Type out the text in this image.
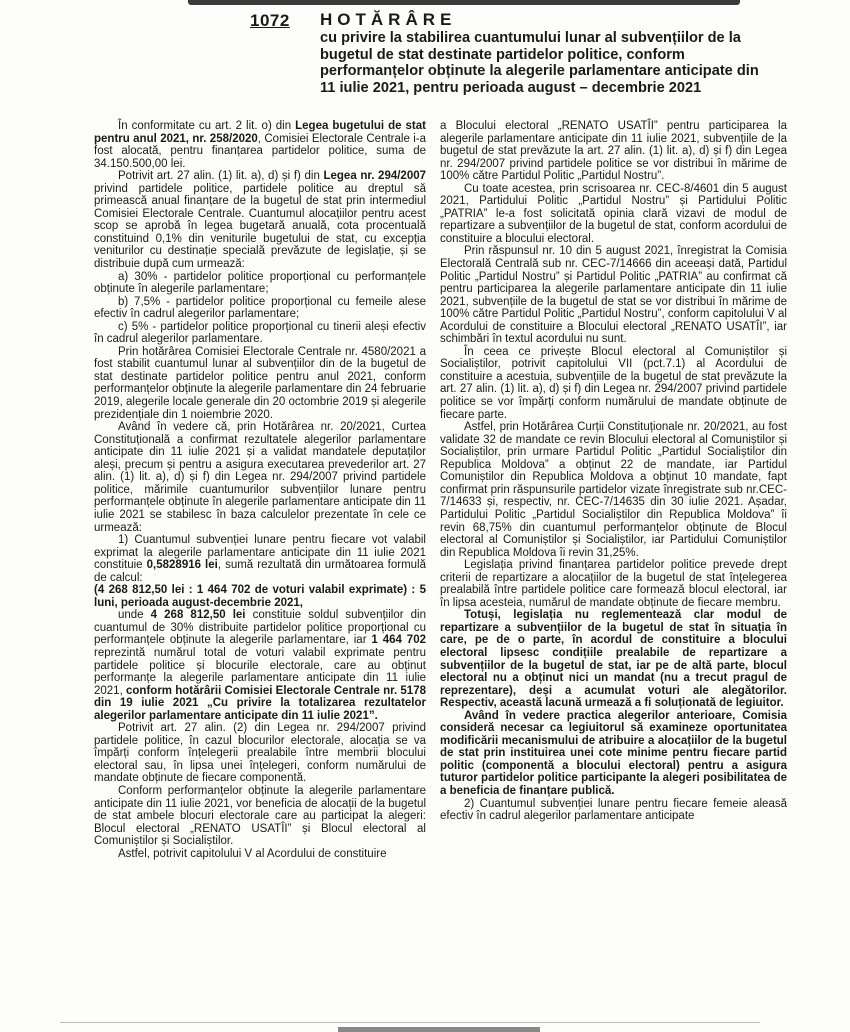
1072 HOTĂRÂRE
cu privire la stabilirea cuantumului lunar al subvențiilor de la bugetul de stat destinate partidelor politice, conform performanțelor obținute la alegerile parlamentare anticipate din 11 iulie 2021, pentru perioada august – decembrie 2021

În conformitate cu art. 2 lit. o) din Legea bugetului de stat pentru anul 2021, nr. 258/2020, Comisiei Electorale Centrale i-a fost alocată, pentru finanțarea partidelor politice, suma de 34.150.500,00 lei.

Potrivit art. 27 alin. (1) lit. a), d) și f) din Legea nr. 294/2007 privind partidele politice, partidele politice au dreptul să primească anual finanțare de la bugetul de stat prin intermediul Comisiei Electorale Centrale. Cuantumul alocațiilor pentru acest scop se aprobă în legea bugetară anuală, cota procentuală constituind 0,1% din veniturile bugetului de stat, cu excepția veniturilor cu destinație specială prevăzute de legislație, și se distribuie după cum urmează:

a) 30% - partidelor politice proporțional cu performanțele obținute în alegerile parlamentare;

b) 7,5% - partidelor politice proporțional cu femeile alese efectiv în cadrul alegerilor parlamentare;

c) 5% - partidelor politice proporțional cu tinerii aleși efectiv în cadrul alegerilor parlamentare.

Prin hotărârea Comisiei Electorale Centrale nr. 4580/2021 a fost stabilit cuantumul lunar al subvențiilor din de la bugetul de stat destinate partidelor politice pentru anul 2021, conform performanțelor obținute la alegerile parlamentare din 24 februarie 2019, alegerile locale generale din 20 octombrie 2019 și alegerile prezidențiale din 1 noiembrie 2020.

Având în vedere că, prin Hotărârea nr. 20/2021, Curtea Constituțională a confirmat rezultatele alegerilor parlamentare anticipate din 11 iulie 2021 și a validat mandatele deputaților aleși, precum și pentru a asigura executarea prevederilor art. 27 alin. (1) lit. a), d) și f) din Legea nr. 294/2007 privind partidele politice, mărimile cuantumurilor subvențiilor lunare pentru performanțele obținute în alegerile parlamentare anticipate din 11 iulie 2021 se stabilesc în baza calculelor prezentate în cele ce urmează:

1) Cuantumul subvenției lunare pentru fiecare vot valabil exprimat la alegerile parlamentare anticipate din 11 iulie 2021 constituie 0,5828916 lei, sumă rezultată din următoarea formulă de calcul:

(4 268 812,50 lei : 1 464 702 de voturi valabil exprimate) : 5 luni, perioada august-decembrie 2021,

unde 4 268 812,50 lei constituie soldul subvențiilor din cuantumul de 30% distribuite partidelor politice proporțional cu performanțele obținute la alegerile parlamentare, iar 1 464 702 reprezintă numărul total de voturi valabil exprimate pentru partidele politice și blocurile electorale, care au obținut performanțe la alegerile parlamentare anticipate din 11 iulie 2021, conform hotărârii Comisiei Electorale Centrale nr. 5178 din 19 iulie 2021 „Cu privire la totalizarea rezultatelor alegerilor parlamentare anticipate din 11 iulie 2021”.

Potrivit art. 27 alin. (2) din Legea nr. 294/2007 privind partidele politice, în cazul blocurilor electorale, alocația se va împărți conform înțelegerii prealabile între membrii blocului electoral sau, în lipsa unei înțelegeri, conform numărului de mandate obținute de fiecare componentă.

Conform performanțelor obținute la alegerile parlamentare anticipate din 11 iulie 2021, vor beneficia de alocații de la bugetul de stat ambele blocuri electorale care au participat la alegeri: Blocul electoral „RENATO USATÎI” și Blocul electoral al Comuniștilor și Socialiștilor.

Astfel, potrivit capitolului V al Acordului de constituire

a Blocului electoral „RENATO USATÎI” pentru participarea la alegerile parlamentare anticipate din 11 iulie 2021, subvențiile de la bugetul de stat prevăzute la art. 27 alin. (1) lit. a), d) și f) din Legea nr. 294/2007 privind partidele politice se vor distribui în mărime de 100% către Partidul Politic „Partidul Nostru”.

Cu toate acestea, prin scrisoarea nr. CEC-8/4601 din 5 august 2021, Partidului Politic „Partidul Nostru” și Partidului Politic „PATRIA” le-a fost solicitată opinia clară vizavi de modul de repartizare a subvențiilor de la bugetul de stat, conform acordului de constituire a blocului electoral.

Prin răspunsul nr. 10 din 5 august 2021, înregistrat la Comisia Electorală Centrală sub nr. CEC-7/14666 din aceeași dată, Partidul Politic „Partidul Nostru” și Partidul Politic „PATRIA” au confirmat că pentru participarea la alegerile parlamentare anticipate din 11 iulie 2021, subvențiile de la bugetul de stat se vor distribui în mărime de 100% către Partidul Politic „Partidul Nostru”, conform capitolului V al Acordului de constituire a Blocului electoral „RENATO USATÎI”, iar schimbări în textul acordului nu sunt.

În ceea ce privește Blocul electoral al Comuniștilor și Socialiștilor, potrivit capitolului VII (pct.7.1) al Acordului de constituire a acestuia, subvențiile de la bugetul de stat prevăzute la art. 27 alin. (1) lit. a), d) și f) din Legea nr. 294/2007 privind partidele politice se vor împărți conform numărului de mandate obținute de fiecare parte.

Astfel, prin Hotărârea Curții Constituționale nr. 20/2021, au fost validate 32 de mandate ce revin Blocului electoral al Comuniștilor și Socialiștilor, prin urmare Partidul Politic „Partidul Socialiștilor din Republica Moldova” a obținut 22 de mandate, iar Partidul Comuniștilor din Republica Moldova a obținut 10 mandate, fapt confirmat prin răspunsurile partidelor vizate înregistrate sub nr.CEC-7/14633 și, respectiv, nr. CEC-7/14635 din 30 iulie 2021. Așadar, Partidului Politic „Partidul Socialiștilor din Republica Moldova” îi revin 68,75% din cuantumul performanțelor obținute de Blocul electoral al Comuniștilor și Socialiștilor, iar Partidului Comuniștilor din Republica Moldova îi revin 31,25%.

Legislația privind finanțarea partidelor politice prevede drept criterii de repartizare a alocațiilor de la bugetul de stat înțelegerea prealabilă între partidele politice care formează blocul electoral, iar în lipsa acesteia, numărul de mandate obținute de fiecare membru.

Totuși, legislația nu reglementează clar modul de repartizare a subvențiilor de la bugetul de stat în situația în care, pe de o parte, în acordul de constituire a blocului electoral lipsesc condițiile prealabile de repartizare a subvențiilor de la bugetul de stat, iar pe de altă parte, blocul electoral nu a obținut nici un mandat (nu a trecut pragul de reprezentare), deși a acumulat voturi ale alegătorilor. Respectiv, această lacună urmează a fi soluționată de legiuitor.

Având în vedere practica alegerilor anterioare, Comisia consideră necesar ca legiuitorul să examineze oportunitatea modificării mecanismului de atribuire a alocațiilor de la bugetul de stat prin instituirea unei cote minime pentru fiecare partid politic (componentă a blocului electoral) pentru a asigura tuturor partidelor politice participante la alegeri posibilitatea de a beneficia de finanțare publică.

2) Cuantumul subvenției lunare pentru fiecare femeie aleasă efectiv în cadrul alegerilor parlamentare anticipate
